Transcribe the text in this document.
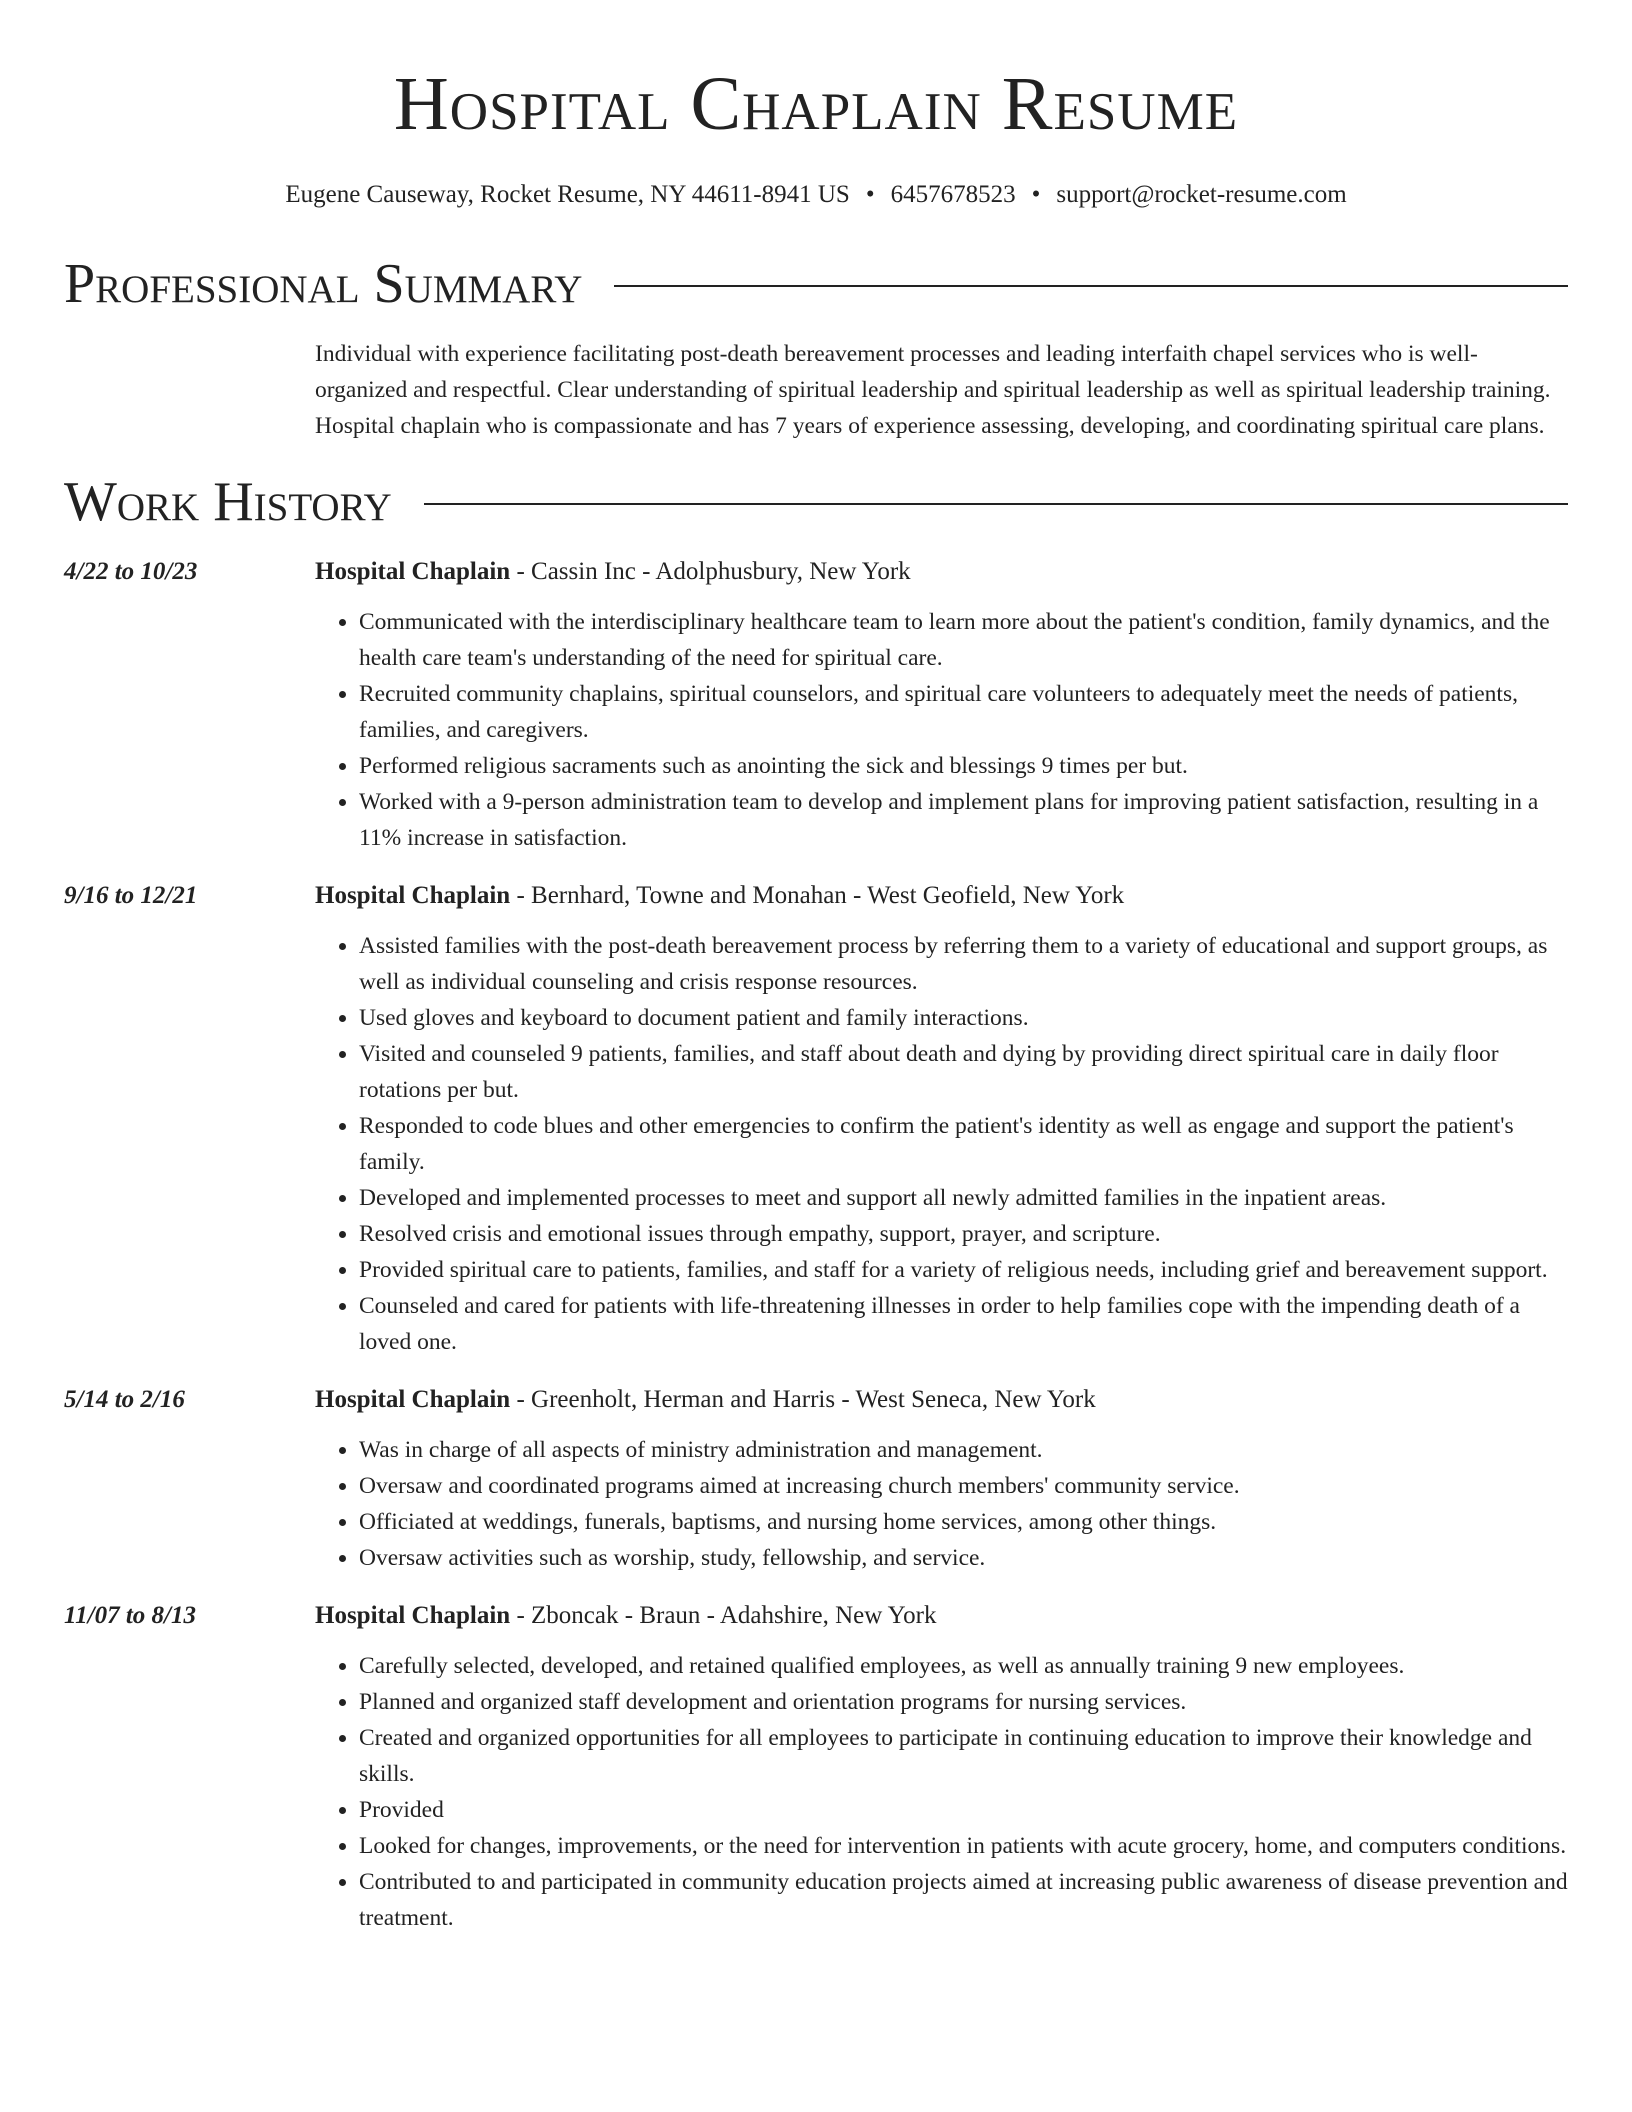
Hospital Chaplain Resume
Eugene Causeway, Rocket Resume, NY 44611-8941 US • 6457678523 • support@rocket-resume.com
Professional Summary

Individual with experience facilitating post-death bereavement processes and leading interfaith chapel services who is well-organized and respectful. Clear understanding of spiritual leadership and spiritual leadership as well as spiritual leadership training. Hospital chaplain who is compassionate and has 7 years of experience assessing, developing, and coordinating spiritual care plans.

Work History
4/22 to 10/23	Hospital Chaplain - Cassin Inc - Adolphusbury, New York
• Communicated with the interdisciplinary healthcare team to learn more about the patient's condition, family dynamics, and the health care team's understanding of the need for spiritual care.
• Recruited community chaplains, spiritual counselors, and spiritual care volunteers to adequately meet the needs of patients, families, and caregivers.
• Performed religious sacraments such as anointing the sick and blessings 9 times per but.
• Worked with a 9-person administration team to develop and implement plans for improving patient satisfaction, resulting in a 11% increase in satisfaction.
9/16 to 12/21	Hospital Chaplain - Bernhard, Towne and Monahan - West Geofield, New York
• Assisted families with the post-death bereavement process by referring them to a variety of educational and support groups, as well as individual counseling and crisis response resources.
• Used gloves and keyboard to document patient and family interactions.
• Visited and counseled 9 patients, families, and staff about death and dying by providing direct spiritual care in daily floor rotations per but.
• Responded to code blues and other emergencies to confirm the patient's identity as well as engage and support the patient's family.
• Developed and implemented processes to meet and support all newly admitted families in the inpatient areas.
• Resolved crisis and emotional issues through empathy, support, prayer, and scripture.
• Provided spiritual care to patients, families, and staff for a variety of religious needs, including grief and bereavement support.
• Counseled and cared for patients with life-threatening illnesses in order to help families cope with the impending death of a loved one.
5/14 to 2/16	Hospital Chaplain - Greenholt, Herman and Harris - West Seneca, New York
• Was in charge of all aspects of ministry administration and management.
• Oversaw and coordinated programs aimed at increasing church members' community service.
• Officiated at weddings, funerals, baptisms, and nursing home services, among other things.
• Oversaw activities such as worship, study, fellowship, and service.
11/07 to 8/13	Hospital Chaplain - Zboncak - Braun - Adahshire, New York
• Carefully selected, developed, and retained qualified employees, as well as annually training 9 new employees.
• Planned and organized staff development and orientation programs for nursing services.
• Created and organized opportunities for all employees to participate in continuing education to improve their knowledge and skills.
• Provided
• Looked for changes, improvements, or the need for intervention in patients with acute grocery, home, and computers conditions.
• Contributed to and participated in community education projects aimed at increasing public awareness of disease prevention and treatment.
